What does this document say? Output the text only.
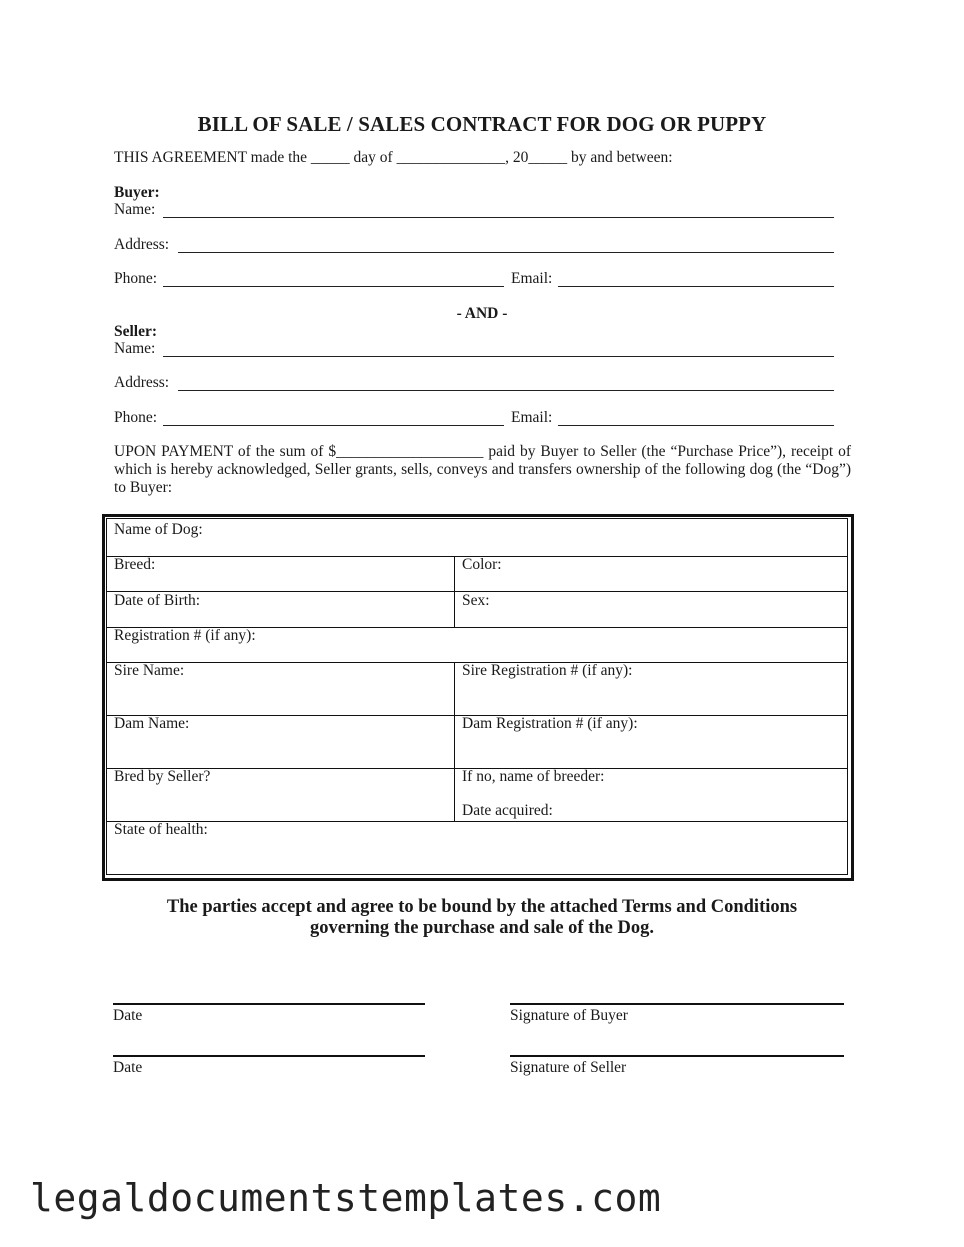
BILL OF SALE / SALES CONTRACT FOR DOG OR PUPPY
THIS AGREEMENT made the _____ day of ______________, 20_____ by and between:
Buyer:
Name:
Address:
Phone:	Email:
- AND -
Seller:
Name:
Address:
Phone:	Email:
UPON PAYMENT of the sum of $___________________ paid by Buyer to Seller (the “Purchase Price”), receipt of which is hereby acknowledged, Seller grants, sells, conveys and transfers ownership of the following dog (the “Dog”) to Buyer:
Name of Dog:
Breed:	Color:
Date of Birth:	Sex:
Registration # (if any):
Sire Name:	Sire Registration # (if any):
Dam Name:	Dam Registration # (if any):
Bred by Seller?	If no, name of breeder:
Date acquired:
State of health:
The parties accept and agree to be bound by the attached Terms and Conditions
governing the purchase and sale of the Dog.
Date	Signature of Buyer
Date	Signature of Seller
legaldocumentstemplates.com
